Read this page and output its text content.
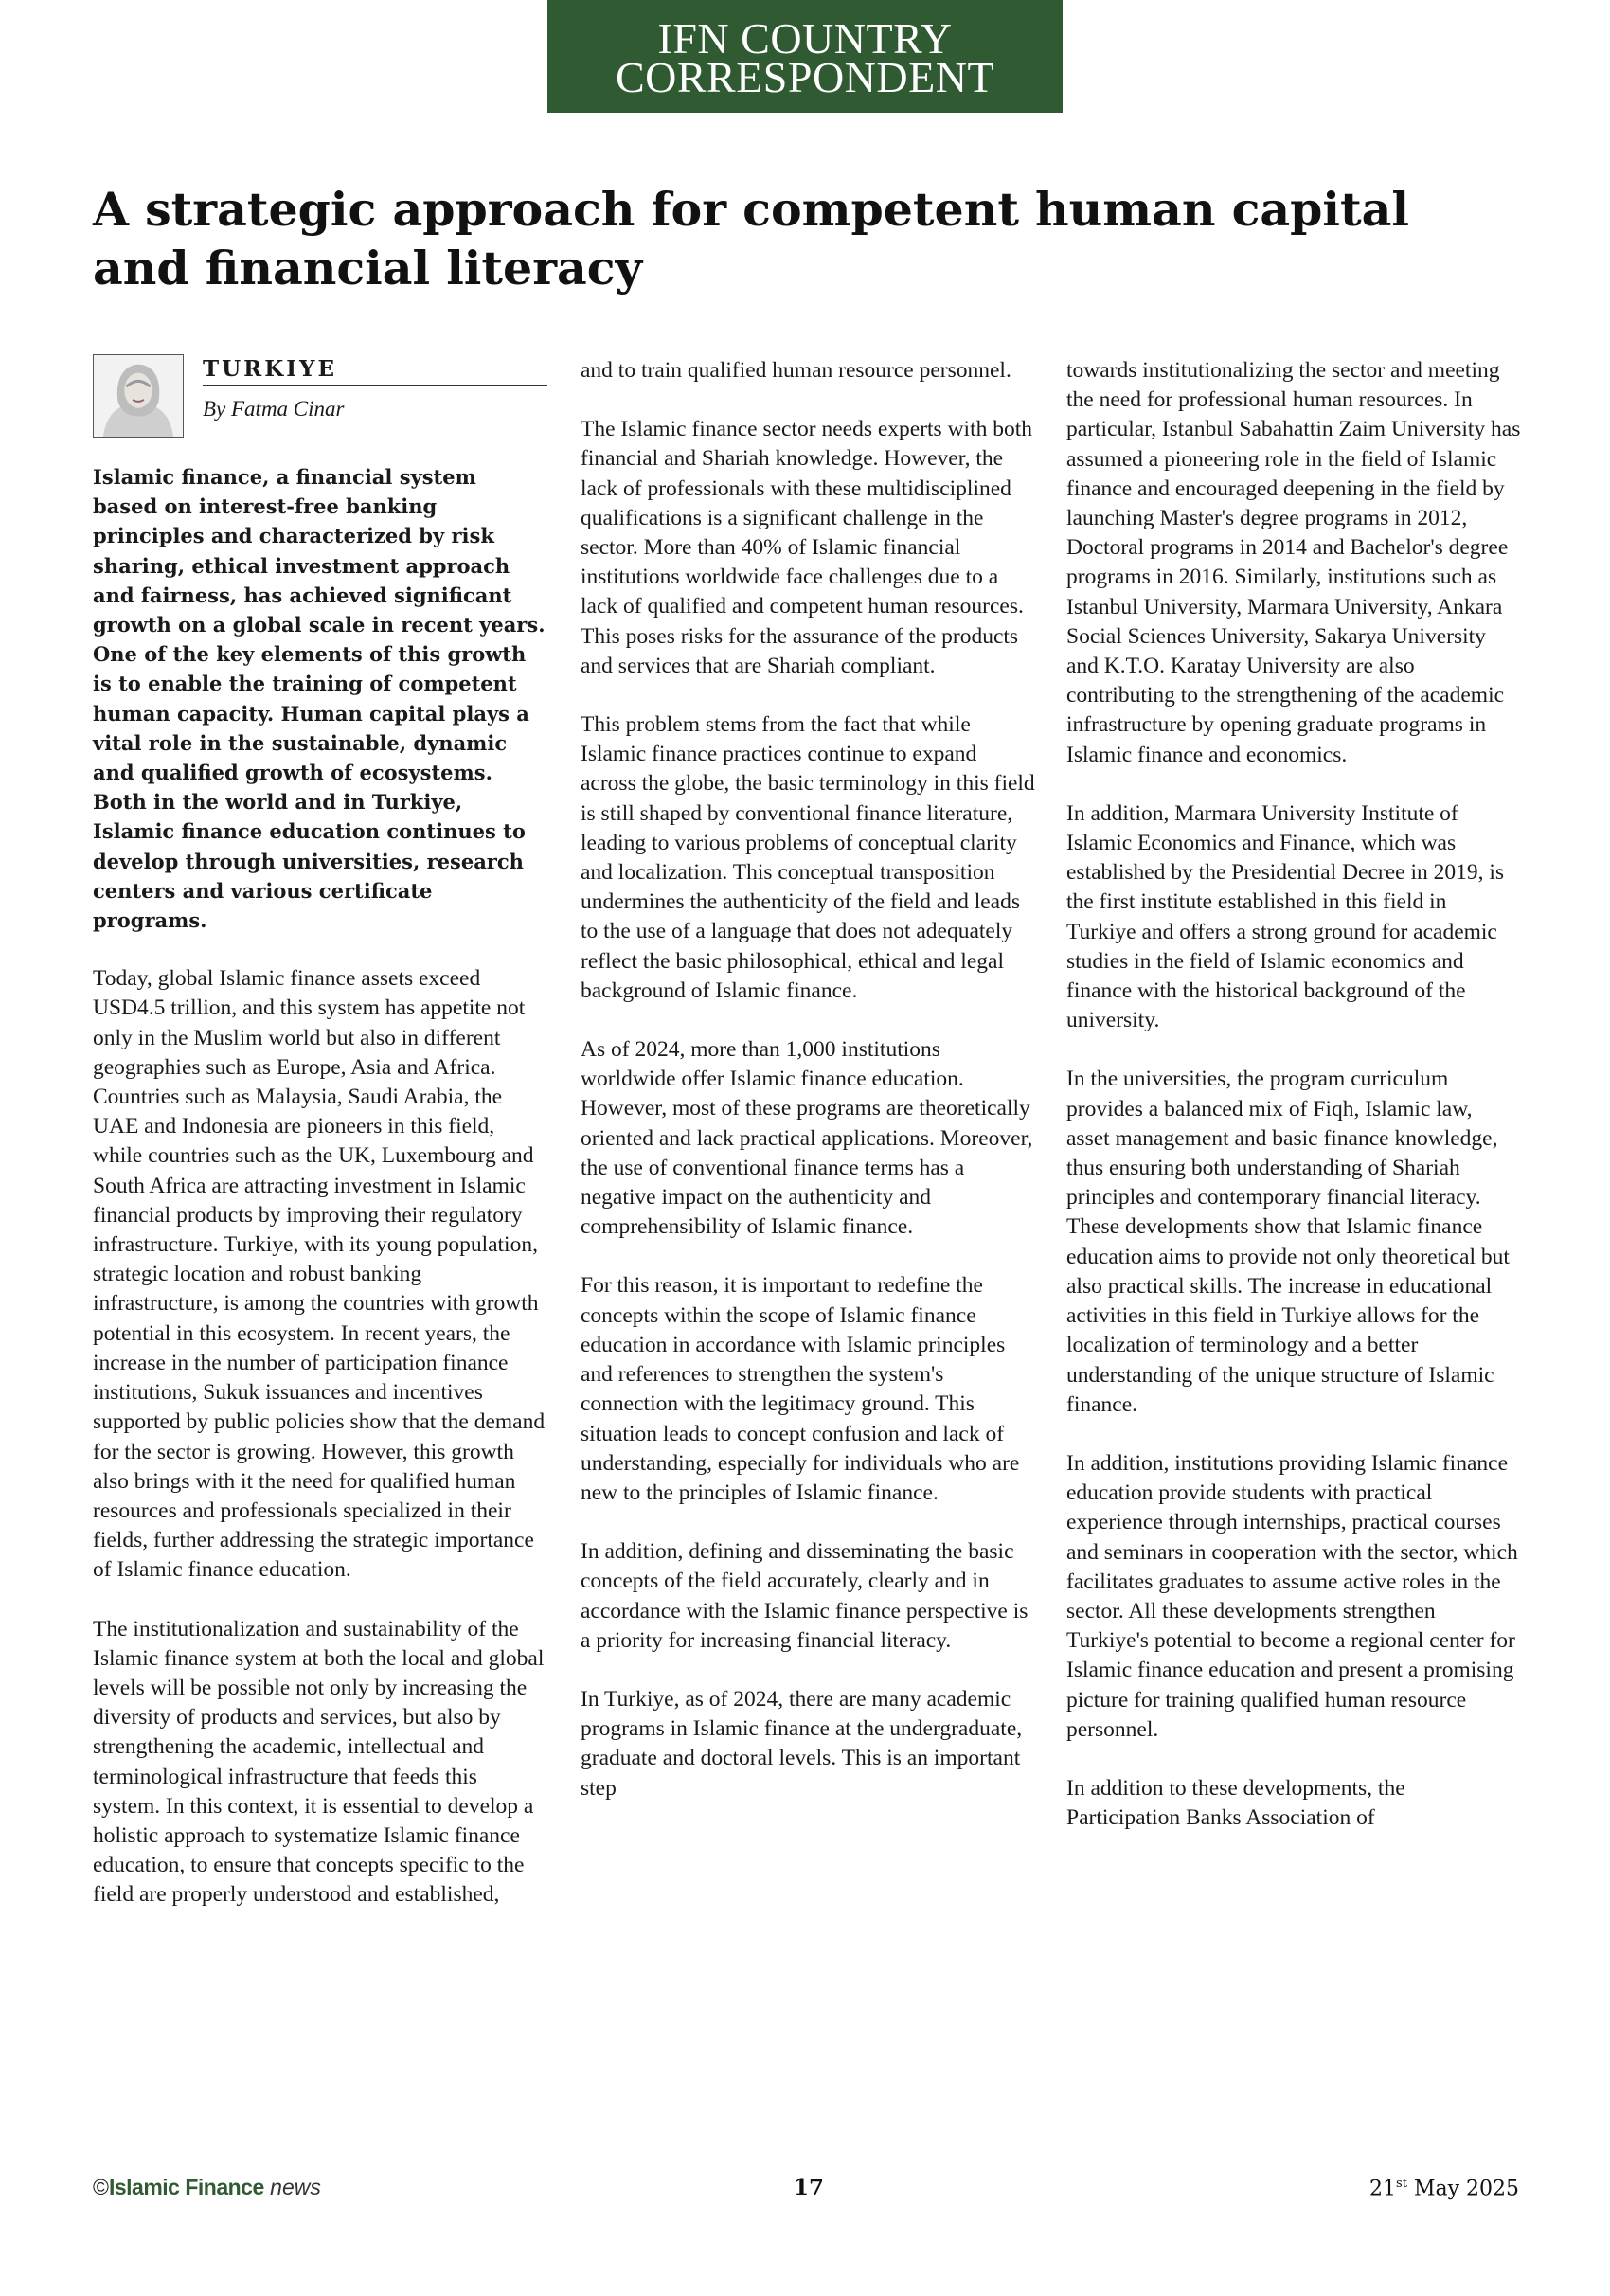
IFN COUNTRY
CORRESPONDENT
A strategic approach for competent human capital and financial literacy
TURKIYE
By Fatma Cinar

Islamic finance, a financial system based on interest-free banking principles and characterized by risk sharing, ethical investment approach and fairness, has achieved significant growth on a global scale in recent years. One of the key elements of this growth is to enable the training of competent human capacity. Human capital plays a vital role in the sustainable, dynamic and qualified growth of ecosystems. Both in the world and in Turkiye, Islamic finance education continues to develop through universities, research centers and various certificate programs.

Today, global Islamic finance assets exceed USD4.5 trillion, and this system has appetite not only in the Muslim world but also in different geographies such as Europe, Asia and Africa. Countries such as Malaysia, Saudi Arabia, the UAE and Indonesia are pioneers in this field, while countries such as the UK, Luxembourg and South Africa are attracting investment in Islamic financial products by improving their regulatory infrastructure. Turkiye, with its young population, strategic location and robust banking infrastructure, is among the countries with growth potential in this ecosystem. In recent years, the increase in the number of participation finance institutions, Sukuk issuances and incentives supported by public policies show that the demand for the sector is growing. However, this growth also brings with it the need for qualified human resources and professionals specialized in their fields, further addressing the strategic importance of Islamic finance education.

The institutionalization and sustainability of the Islamic finance system at both the local and global levels will be possible not only by increasing the diversity of products and services, but also by strengthening the academic, intellectual and terminological infrastructure that feeds this system. In this context, it is essential to develop a holistic approach to systematize Islamic finance education, to ensure that concepts specific to the field are properly understood and established,

and to train qualified human resource personnel.

The Islamic finance sector needs experts with both financial and Shariah knowledge. However, the lack of professionals with these multidisciplined qualifications is a significant challenge in the sector. More than 40% of Islamic financial institutions worldwide face challenges due to a lack of qualified and competent human resources. This poses risks for the assurance of the products and services that are Shariah compliant.

This problem stems from the fact that while Islamic finance practices continue to expand across the globe, the basic terminology in this field is still shaped by conventional finance literature, leading to various problems of conceptual clarity and localization. This conceptual transposition undermines the authenticity of the field and leads to the use of a language that does not adequately reflect the basic philosophical, ethical and legal background of Islamic finance.

As of 2024, more than 1,000 institutions worldwide offer Islamic finance education. However, most of these programs are theoretically oriented and lack practical applications. Moreover, the use of conventional finance terms has a negative impact on the authenticity and comprehensibility of Islamic finance.

For this reason, it is important to redefine the concepts within the scope of Islamic finance education in accordance with Islamic principles and references to strengthen the system's connection with the legitimacy ground. This situation leads to concept confusion and lack of understanding, especially for individuals who are new to the principles of Islamic finance.

In addition, defining and disseminating the basic concepts of the field accurately, clearly and in accordance with the Islamic finance perspective is a priority for increasing financial literacy.

In Turkiye, as of 2024, there are many academic programs in Islamic finance at the undergraduate, graduate and doctoral levels. This is an important step

towards institutionalizing the sector and meeting the need for professional human resources. In particular, Istanbul Sabahattin Zaim University has assumed a pioneering role in the field of Islamic finance and encouraged deepening in the field by launching Master's degree programs in 2012, Doctoral programs in 2014 and Bachelor's degree programs in 2016. Similarly, institutions such as Istanbul University, Marmara University, Ankara Social Sciences University, Sakarya University and K.T.O. Karatay University are also contributing to the strengthening of the academic infrastructure by opening graduate programs in Islamic finance and economics.

In addition, Marmara University Institute of Islamic Economics and Finance, which was established by the Presidential Decree in 2019, is the first institute established in this field in Turkiye and offers a strong ground for academic studies in the field of Islamic economics and finance with the historical background of the university.

In the universities, the program curriculum provides a balanced mix of Fiqh, Islamic law, asset management and basic finance knowledge, thus ensuring both understanding of Shariah principles and contemporary financial literacy. These developments show that Islamic finance education aims to provide not only theoretical but also practical skills. The increase in educational activities in this field in Turkiye allows for the localization of terminology and a better understanding of the unique structure of Islamic finance.

In addition, institutions providing Islamic finance education provide students with practical experience through internships, practical courses and seminars in cooperation with the sector, which facilitates graduates to assume active roles in the sector. All these developments strengthen Turkiye's potential to become a regional center for Islamic finance education and present a promising picture for training qualified human resource personnel.

In addition to these developments, the Participation Banks Association of

©Islamic Finance news	17	21st May 2025
